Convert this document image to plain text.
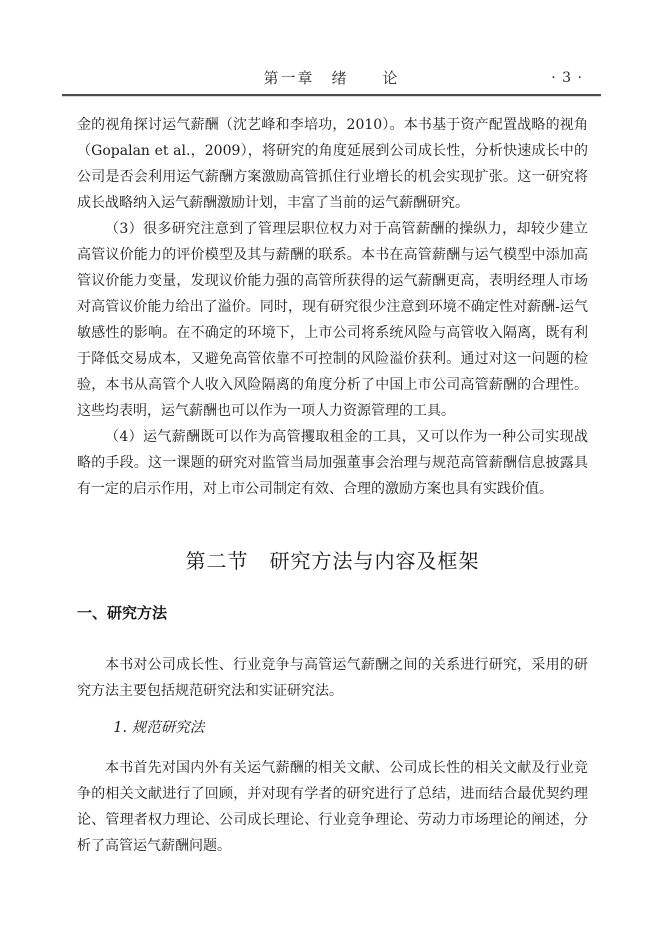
第一章　绪　　论	· 3 ·

金的视角探讨运气薪酬（沈艺峰和李培功，2010）。本书基于资产配置战略的视角（Gopalan et al.，2009），将研究的角度延展到公司成长性，分析快速成长中的公司是否会利用运气薪酬方案激励高管抓住行业增长的机会实现扩张。这一研究将成长战略纳入运气薪酬激励计划，丰富了当前的运气薪酬研究。

（3）很多研究注意到了管理层职位权力对于高管薪酬的操纵力，却较少建立高管议价能力的评价模型及其与薪酬的联系。本书在高管薪酬与运气模型中添加高管议价能力变量，发现议价能力强的高管所获得的运气薪酬更高，表明经理人市场对高管议价能力给出了溢价。同时，现有研究很少注意到环境不确定性对薪酬-运气敏感性的影响。在不确定的环境下，上市公司将系统风险与高管收入隔离，既有利于降低交易成本，又避免高管依靠不可控制的风险溢价获利。通过对这一问题的检验，本书从高管个人收入风险隔离的角度分析了中国上市公司高管薪酬的合理性。这些均表明，运气薪酬也可以作为一项人力资源管理的工具。

（4）运气薪酬既可以作为高管攫取租金的工具，又可以作为一种公司实现战略的手段。这一课题的研究对监管当局加强董事会治理与规范高管薪酬信息披露具有一定的启示作用，对上市公司制定有效、合理的激励方案也具有实践价值。

第二节　研究方法与内容及框架
一、研究方法

本书对公司成长性、行业竞争与高管运气薪酬之间的关系进行研究，采用的研究方法主要包括规范研究法和实证研究法。

1. 规范研究法

本书首先对国内外有关运气薪酬的相关文献、公司成长性的相关文献及行业竞争的相关文献进行了回顾，并对现有学者的研究进行了总结，进而结合最优契约理论、管理者权力理论、公司成长理论、行业竞争理论、劳动力市场理论的阐述，分析了高管运气薪酬问题。
